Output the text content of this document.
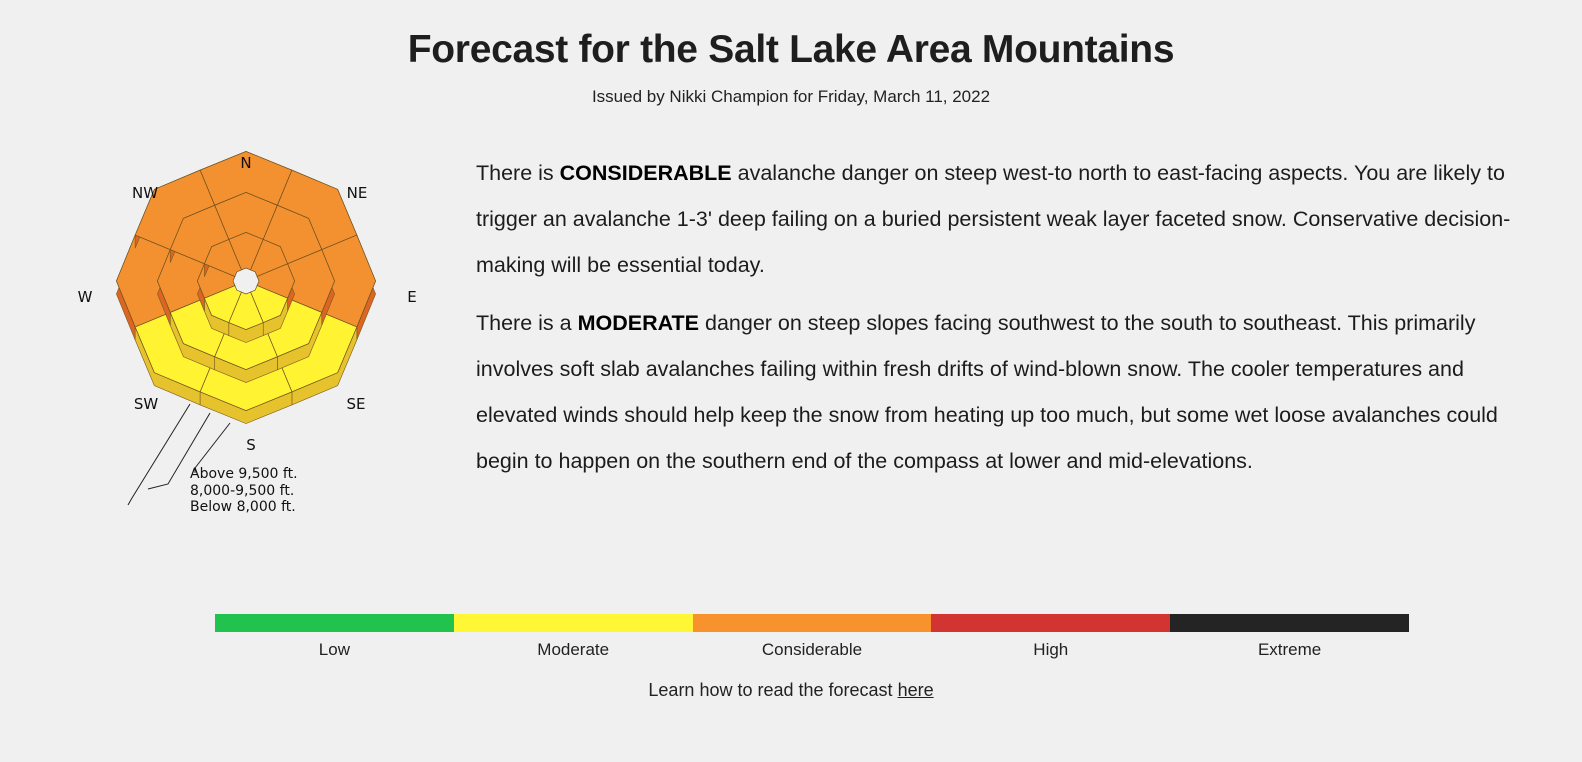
Forecast for the Salt Lake Area Mountains
Issued by Nikki Champion for Friday, March 11, 2022
N
NE
E
SE
S
SW
W
NW
Above 9,500 ft.
8,000-9,500 ft.
Below 8,000 ft.

There is CONSIDERABLE avalanche danger on steep west-to north to east-facing aspects. You are likely to trigger an avalanche 1-3' deep failing on a buried persistent weak layer faceted snow. Conservative decision-making will be essential today.

There is a MODERATE danger on steep slopes facing southwest to the south to southeast. This primarily involves soft slab avalanches failing within fresh drifts of wind-blown snow. The cooler temperatures and elevated winds should help keep the snow from heating up too much, but some wet loose avalanches could begin to happen on the southern end of the compass at lower and mid-elevations.

Low	Moderate	Considerable	High	Extreme
Learn how to read the forecast here
